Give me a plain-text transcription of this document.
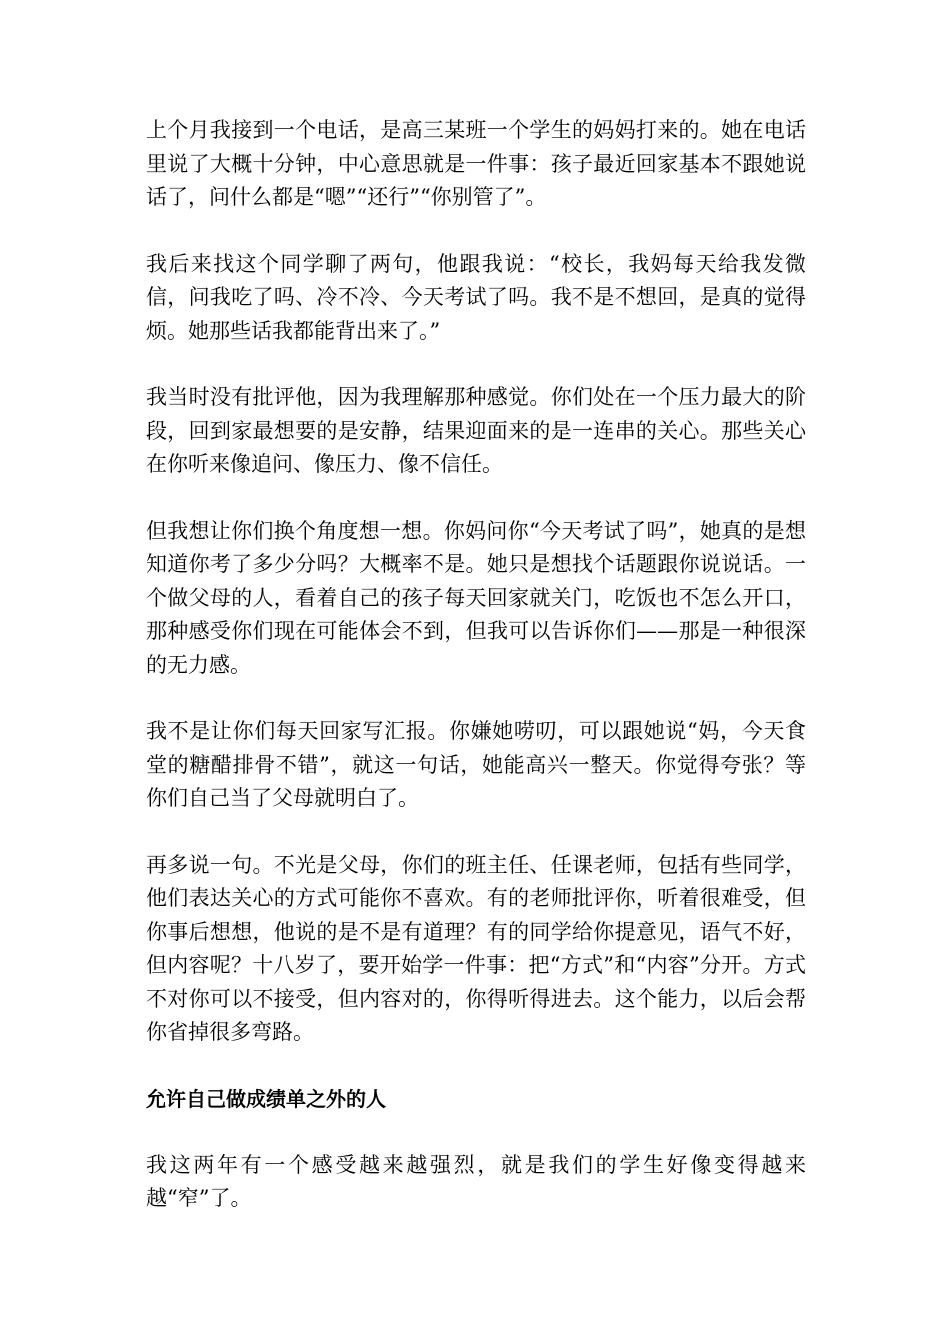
上个月我接到一个电话，是高三某班一个学生的妈妈打来的。她在电话里说了大概十分钟，中心意思就是一件事：孩子最近回家基本不跟她说话了，问什么都是“嗯”“还行”“你别管了”。

我后来找这个同学聊了两句，他跟我说：“校长，我妈每天给我发微信，问我吃了吗、冷不冷、今天考试了吗。我不是不想回，是真的觉得烦。她那些话我都能背出来了。”

我当时没有批评他，因为我理解那种感觉。你们处在一个压力最大的阶段，回到家最想要的是安静，结果迎面来的是一连串的关心。那些关心在你听来像追问、像压力、像不信任。

但我想让你们换个角度想一想。你妈问你“今天考试了吗”，她真的是想知道你考了多少分吗？大概率不是。她只是想找个话题跟你说说话。一个做父母的人，看着自己的孩子每天回家就关门，吃饭也不怎么开口，那种感受你们现在可能体会不到，但我可以告诉你们——那是一种很深的无力感。

我不是让你们每天回家写汇报。你嫌她唠叨，可以跟她说“妈，今天食堂的糖醋排骨不错”，就这一句话，她能高兴一整天。你觉得夸张？等你们自己当了父母就明白了。

再多说一句。不光是父母，你们的班主任、任课老师，包括有些同学，他们表达关心的方式可能你不喜欢。有的老师批评你，听着很难受，但你事后想想，他说的是不是有道理？有的同学给你提意见，语气不好，但内容呢？十八岁了，要开始学一件事：把“方式”和“内容”分开。方式不对你可以不接受，但内容对的，你得听得进去。这个能力，以后会帮你省掉很多弯路。

允许自己做成绩单之外的人

我这两年有一个感受越来越强烈，就是我们的学生好像变得越来越“窄”了。
